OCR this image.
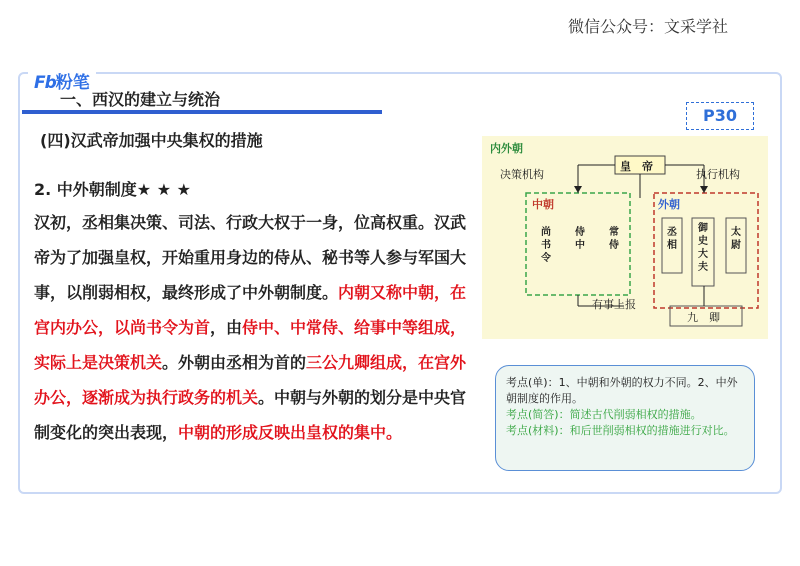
微信公众号：文采学社
Fb粉笔
一、西汉的建立与统治
(四)汉武帝加强中央集权的措施
2. 中外朝制度★ ★ ★
汉初，丞相集决策、司法、行政大权于一身，位高权重。汉武帝为了加强皇权，开始重用身边的侍从、秘书等人参与军国大事，以削弱相权，最终形成了中外朝制度。内朝又称中朝，在宫内办公，以尚书令为首，由侍中、中常侍、给事中等组成，实际上是决策机关。外朝由丞相为首的三公九卿组成，在宫外办公，逐渐成为执行政务的机关。中朝与外朝的划分是中央官制变化的突出表现，中朝的形成反映出皇权的集中。
P30
内外朝
决策机构
皇　帝
执行机构
中朝	外朝
尚书令
侍中
常侍
丞相
御史大夫
太尉
有事上报
九　卿
考点(单)：1、中朝和外朝的权力不同。2、中外朝制度的作用。
考点(简答)：简述古代削弱相权的措施。
考点(材料)：和后世削弱相权的措施进行对比。
